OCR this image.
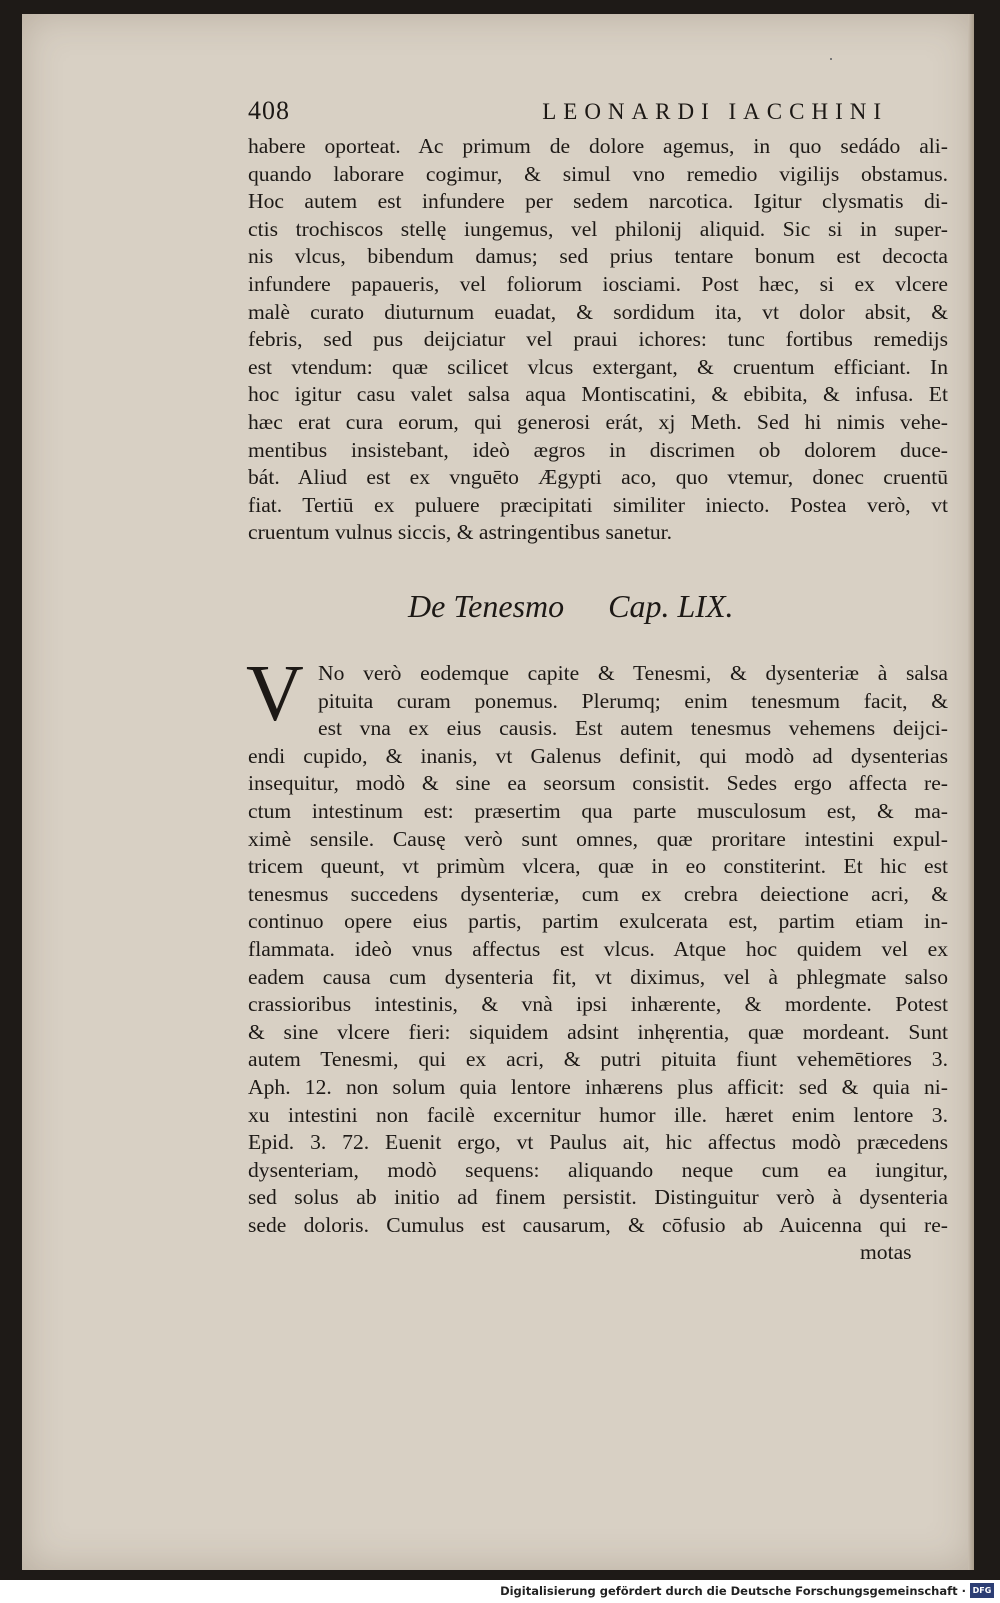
408	LEONARDI IACCHINI
habere oporteat. Ac primum de dolore agemus, in quo sedádo ali-
quando laborare cogimur, & simul vno remedio vigilijs obstamus.
Hoc autem est infundere per sedem narcotica. Igitur clysmatis di-
ctis trochiscos stellę iungemus, vel philonij aliquid. Sic si in super-
nis vlcus, bibendum damus; sed prius tentare bonum est decocta
infundere papaueris, vel foliorum iosciami. Post hæc, si ex vlcere
malè curato diuturnum euadat, & sordidum ita, vt dolor absit, &
febris, sed pus deijciatur vel praui ichores: tunc fortibus remedijs
est vtendum: quæ scilicet vlcus extergant, & cruentum efficiant. In
hoc igitur casu valet salsa aqua Montiscatini, & ebibita, & infusa. Et
hæc erat cura eorum, qui generosi erát, xj Meth. Sed hi nimis vehe-
mentibus insistebant, ideò ægros in discrimen ob dolorem duce-
bát. Aliud est ex vnguēto Ægypti aco, quo vtemur, donec cruentū
fiat. Tertiū ex puluere præcipitati similiter iniecto. Postea verò, vt
cruentum vulnus siccis, & astringentibus sanetur.
De Tenesmo Cap. LIX.
V No verò eodemque capite & Tenesmi, & dysenteriæ à salsa
pituita curam ponemus. Plerumq; enim tenesmum facit, &
est vna ex eius causis. Est autem tenesmus vehemens deijci-
endi cupido, & inanis, vt Galenus definit, qui modò ad dysenterias
insequitur, modò & sine ea seorsum consistit. Sedes ergo affecta re-
ctum intestinum est: præsertim qua parte musculosum est, & ma-
ximè sensile. Causę verò sunt omnes, quæ proritare intestini expul-
tricem queunt, vt primùm vlcera, quæ in eo constiterint. Et hic est
tenesmus succedens dysenteriæ, cum ex crebra deiectione acri, &
continuo opere eius partis, partim exulcerata est, partim etiam in-
flammata. ideò vnus affectus est vlcus. Atque hoc quidem vel ex
eadem causa cum dysenteria fit, vt diximus, vel à phlegmate salso
crassioribus intestinis, & vnà ipsi inhærente, & mordente. Potest
& sine vlcere fieri: siquidem adsint inhęrentia, quæ mordeant. Sunt
autem Tenesmi, qui ex acri, & putri pituita fiunt vehemētiores 3.
Aph. 12. non solum quia lentore inhærens plus afficit: sed & quia ni-
xu intestini non facilè excernitur humor ille. hæret enim lentore 3.
Epid. 3. 72. Euenit ergo, vt Paulus ait, hic affectus modò præcedens
dysenteriam, modò sequens: aliquando neque cum ea iungitur,
sed solus ab initio ad finem persistit. Distinguitur verò à dysenteria
sede doloris. Cumulus est causarum, & cōfusio ab Auicenna qui re-
motas
Digitalisierung gefördert durch die Deutsche Forschungsgemeinschaft · DFG
